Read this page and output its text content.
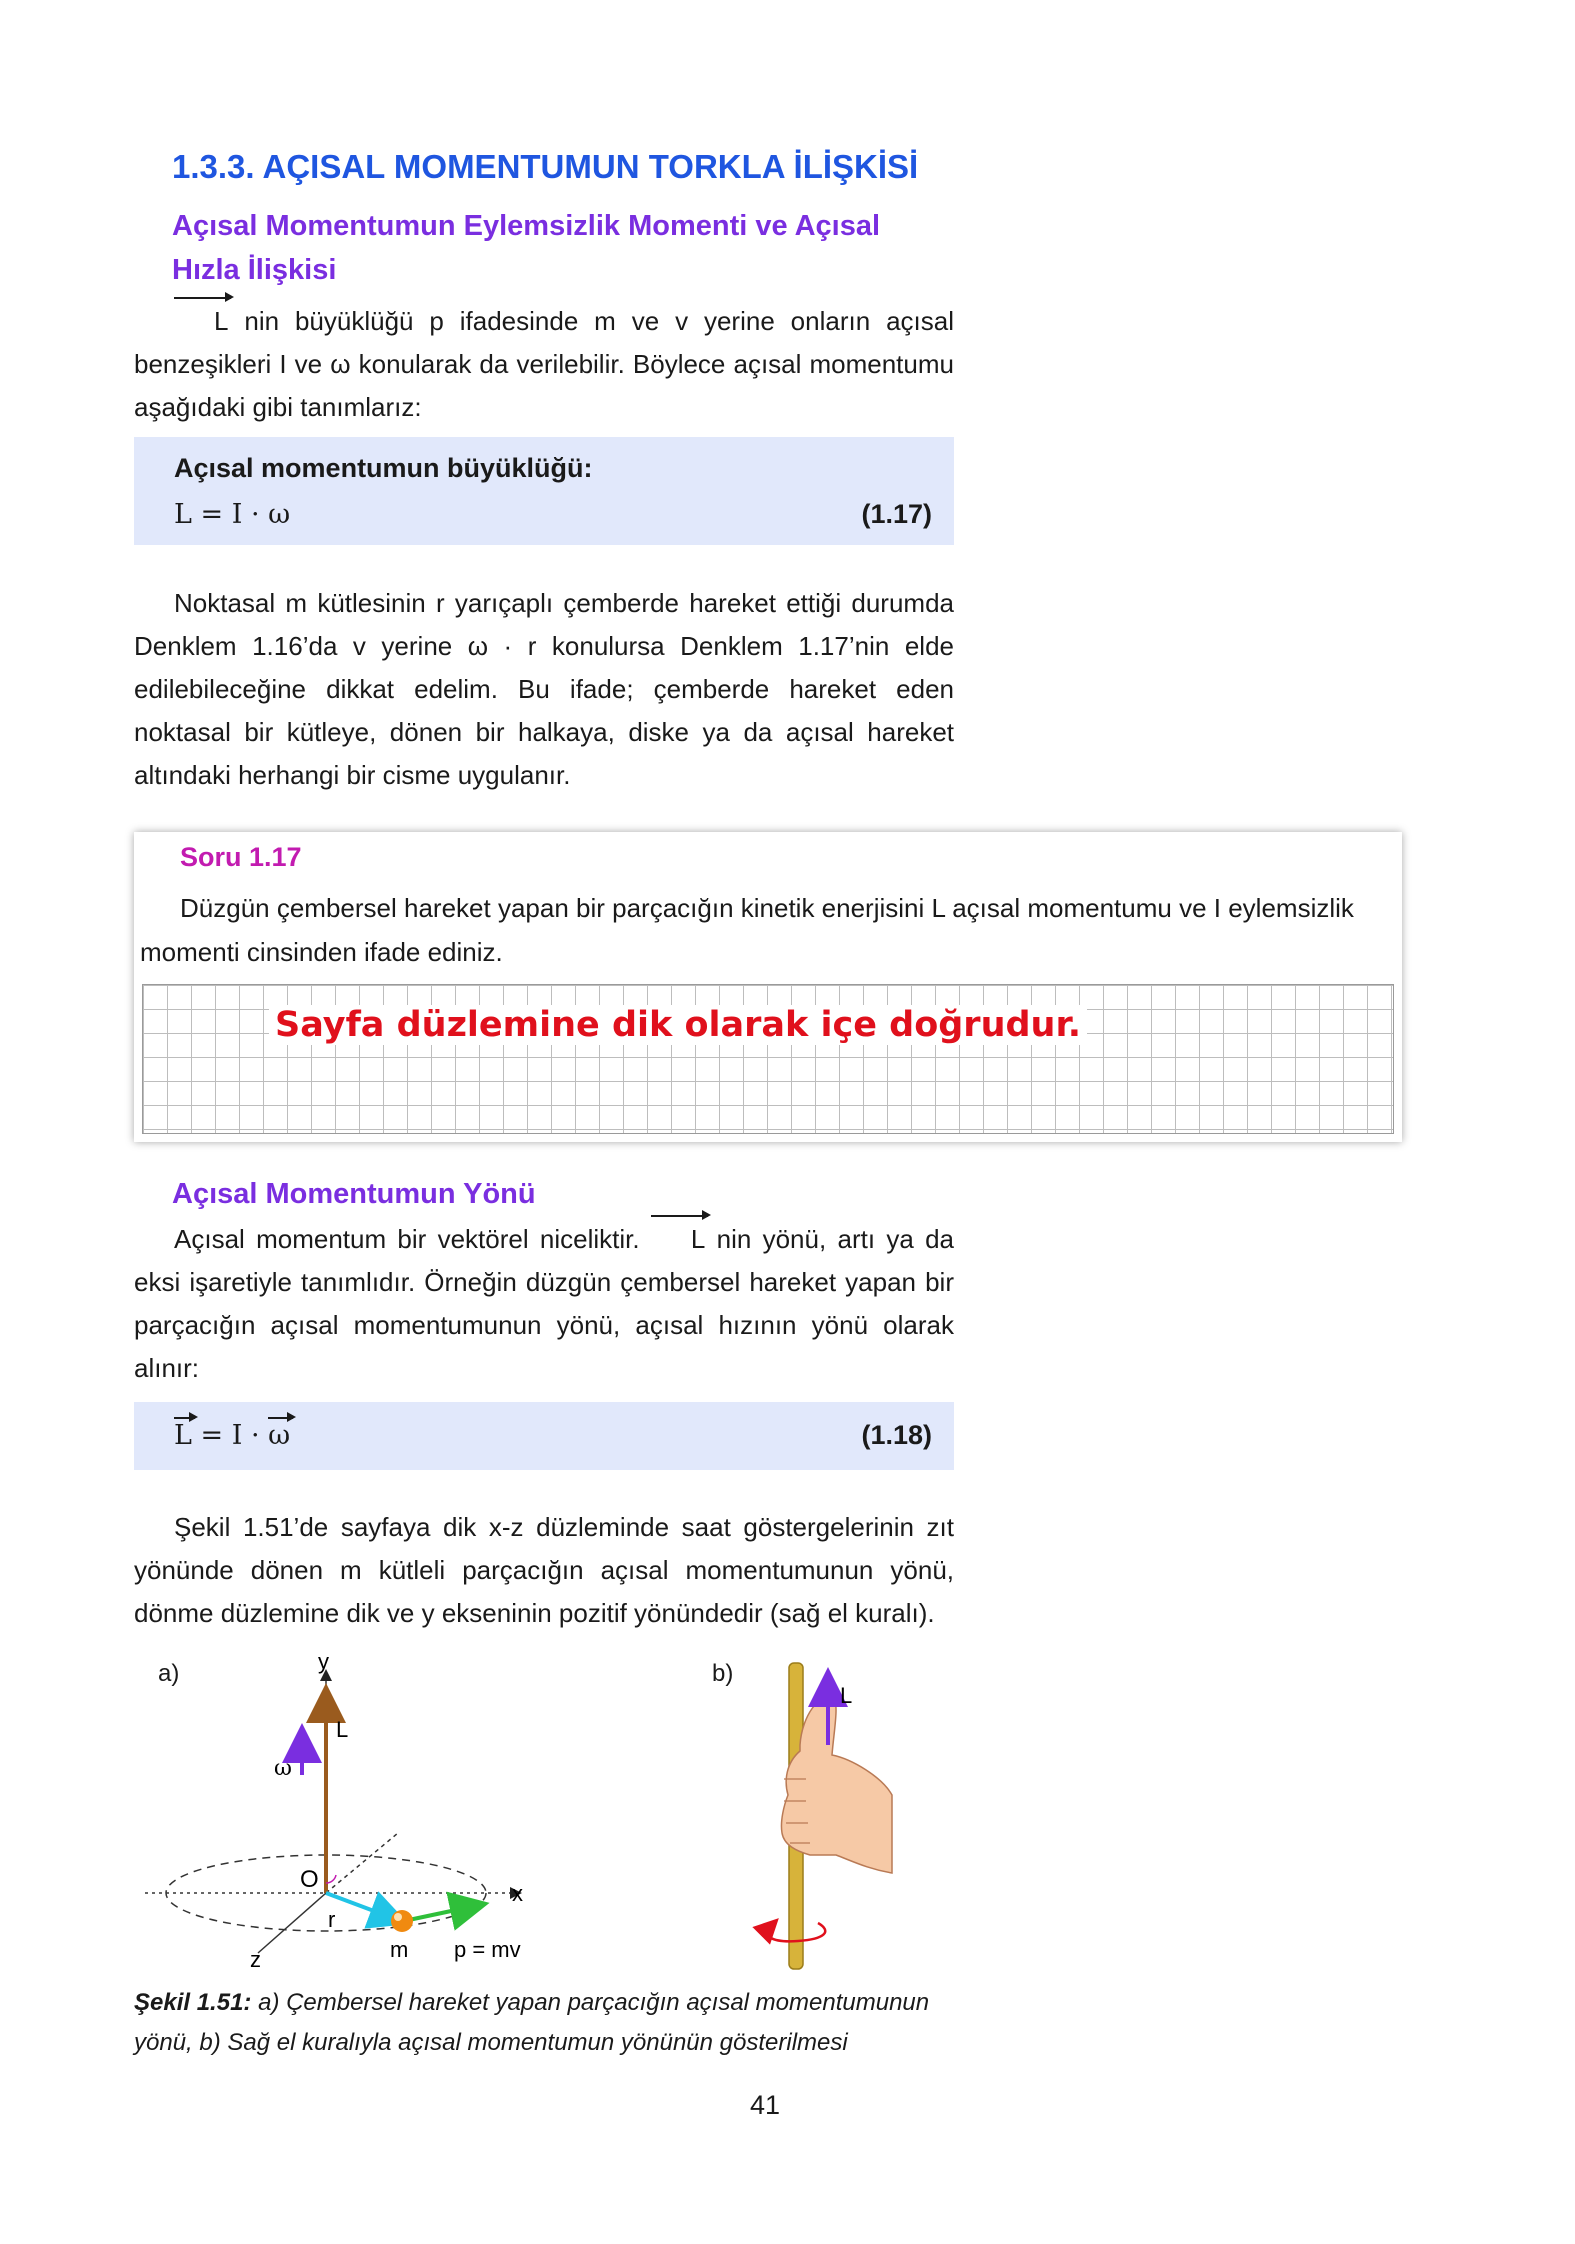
1.3.3. AÇISAL MOMENTUMUN TORKLA İLİŞKİSİ
Açısal Momentumun Eylemsizlik Momenti ve Açısal
Hızla İlişkisi

L nin büyüklüğü p ifadesinde m ve v yerine onların açısal benzeşikleri I ve ω konularak da verilebilir. Böylece açısal momentumu aşağıdaki gibi tanımlarız:

Açısal momentumun büyüklüğü:
L = I · ω	(1.17)

Noktasal m kütlesinin r yarıçaplı çemberde hareket ettiği durumda Denklem 1.16’da v yerine ω · r konulursa Denklem 1.17’nin elde edilebileceğine dikkat edelim. Bu ifade; çemberde hareket eden noktasal bir kütleye, dönen bir halkaya, diske ya da açısal hareket altındaki herhangi bir cisme uygulanır.

Soru 1.17
Düzgün çembersel hareket yapan bir parçacığın kinetik enerjisini L açısal momentumu ve I eylemsizlik momenti cinsinden ifade ediniz.
Sayfa düzlemine dik olarak içe doğrudur.
Açısal Momentumun Yönü

Açısal momentum bir vektörel niceliktir. L nin yönü, artı ya da eksi işaretiyle tanımlıdır. Örneğin düzgün çembersel hareket yapan bir parçacığın açısal momentumunun yönü, açısal hızının yönü olarak alınır:

L = I · ω	(1.18)

Şekil 1.51’de sayfaya dik x-z düzleminde saat göstergelerinin zıt yönünde dönen m kütleli parçacığın açısal momentumunun yönü, dönme düzlemine dik ve y ekseninin pozitif yönündedir (sağ el kuralı).

a)	y
L
ω
O
x
z
r
m p = mv
b)
L
Şekil 1.51: a) Çembersel hareket yapan parçacığın açısal momentumunun yönü, b) Sağ el kuralıyla açısal momentumun yönünün gösterilmesi
41
